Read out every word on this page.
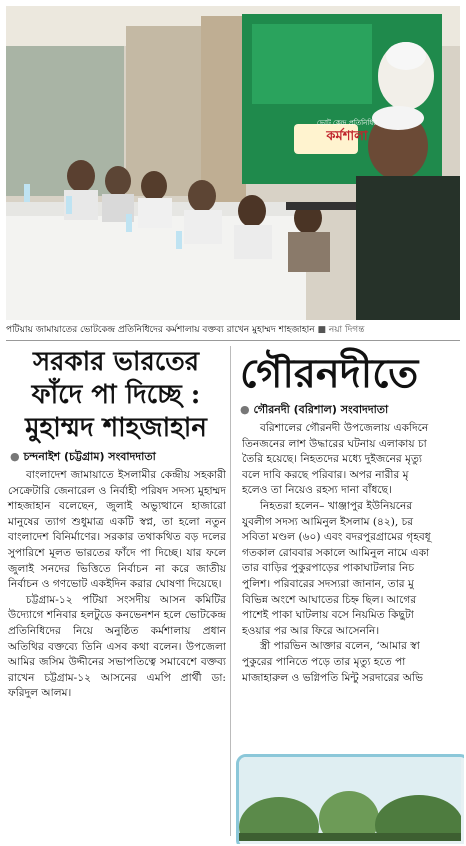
ভোট কেন্দ্র প্রতিনিধির
কর্মশালা
পটিয়ায় জামায়াতের ভোটকেন্দ্র প্রতিনিধিদের কর্মশালায় বক্তব্য রাখেন মুহাম্মদ শাহজাহান ■ নয়া দিগন্ত
সরকার ভারতের ফাঁদে পা দিচ্ছে : মুহাম্মদ শাহজাহান
● চন্দনাইশ (চট্টগ্রাম) সংবাদদাতা

বাংলাদেশ জামায়াতে ইসলামীর কেন্দ্রীয় সহকারী সেক্রেটারি জেনারেল ও নির্বাহী পরিষদ সদস্য মুহাম্মদ শাহজাহান বলেছেন, জুলাই অভ্যুত্থানে হাজারো মানুষের ত্যাগ শুধুমাত্র একটি স্বপ্ন, তা হলো নতুন বাংলাদেশ বিনির্মাণের। সরকার তথাকথিত বড় দলের সুপারিশে মূলত ভারতের ফাঁদে পা দিচ্ছে। যার ফলে জুলাই সনদের ভিত্তিতে নির্বাচন না করে জাতীয় নির্বাচন ও গণভোট একইদিন করার ঘোষণা দিয়েছে।

চট্টগ্রাম-১২ পটিয়া সংসদীয় আসন কমিটির উদ্যোগে শনিবার হলটুডে কনভেনশন হলে ভোটকেন্দ্র প্রতিনিধিদের নিয়ে অনুষ্ঠিত কর্মশালায় প্রধান অতিথির বক্তব্যে তিনি এসব কথা বলেন। উপজেলা আমির জসিম উদ্দীনের সভাপতিত্বে সমাবেশে বক্তব্য রাখেন চট্টগ্রাম-১২ আসনের এমপি প্রার্থী ডা: ফরিদুল আলম।

গৌরনদীতে
● গৌরনদী (বরিশাল) সংবাদদাতা

বরিশালের গৌরনদী উপজেলায় একদিনে

তিনজনের লাশ উদ্ধারের ঘটনায় এলাকায় চা

তৈরি হয়েছে। নিহতদের মধ্যে দুইজনের মৃত্যু

বলে দাবি করছে পরিবার। অপর নারীর মৃ

হলেও তা নিয়েও রহস্য দানা বাঁধছে।

নিহতরা হলেন– খাঞ্জাপুর ইউনিয়নের

যুবলীগ সদস্য আমিনুল ইসলাম (৪২), চর

সবিতা মণ্ডল (৬০) এবং বদরপুরগ্রামের গৃহবধূ

গতকাল রোববার সকালে আমিনুল নামে একা

তার বাড়ির পুকুরপাড়ের পাকাঘাটলার নিচ

পুলিশ। পরিবারের সদস্যরা জানান, তার মু

বিভিন্ন অংশে আঘাতের চিহ্ন ছিল। আগের

পাশেই পাকা ঘাটলায় বসে নিয়মিত কিছুটা

হওয়ার পর আর ফিরে আসেননি।

স্ত্রী পারভিন আক্তার বলেন, ‘আমার স্বা

পুকুরের পানিতে পড়ে তার মৃত্যু হতে পা

মাজাহারুল ও ভগ্নিপতি মিন্টু সরদারের অভি
